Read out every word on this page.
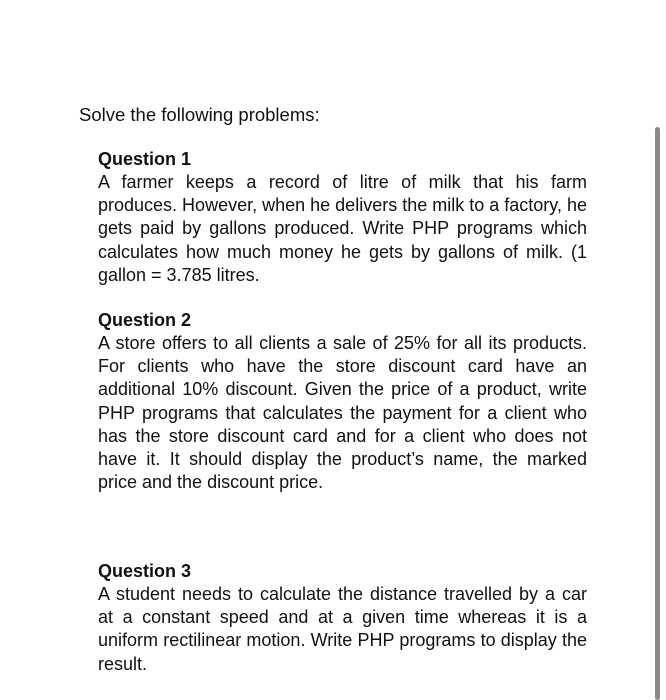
Solve the following problems:

Question 1

A farmer keeps a record of litre of milk that his farm produces. However, when he delivers the milk to a factory, he gets paid by gallons produced. Write PHP programs which calculates how much money he gets by gallons of milk. (1 gallon = 3.785 litres.

Question 2

A store offers to all clients a sale of 25% for all its products. For clients who have the store discount card have an additional 10% discount. Given the price of a product, write PHP programs that calculates the payment for a client who has the store discount card and for a client who does not have it. It should display the product’s name, the marked price and the discount price.

Question 3

A student needs to calculate the distance travelled by a car at a constant speed and at a given time whereas it is a uniform rectilinear motion. Write PHP programs to display the result.
